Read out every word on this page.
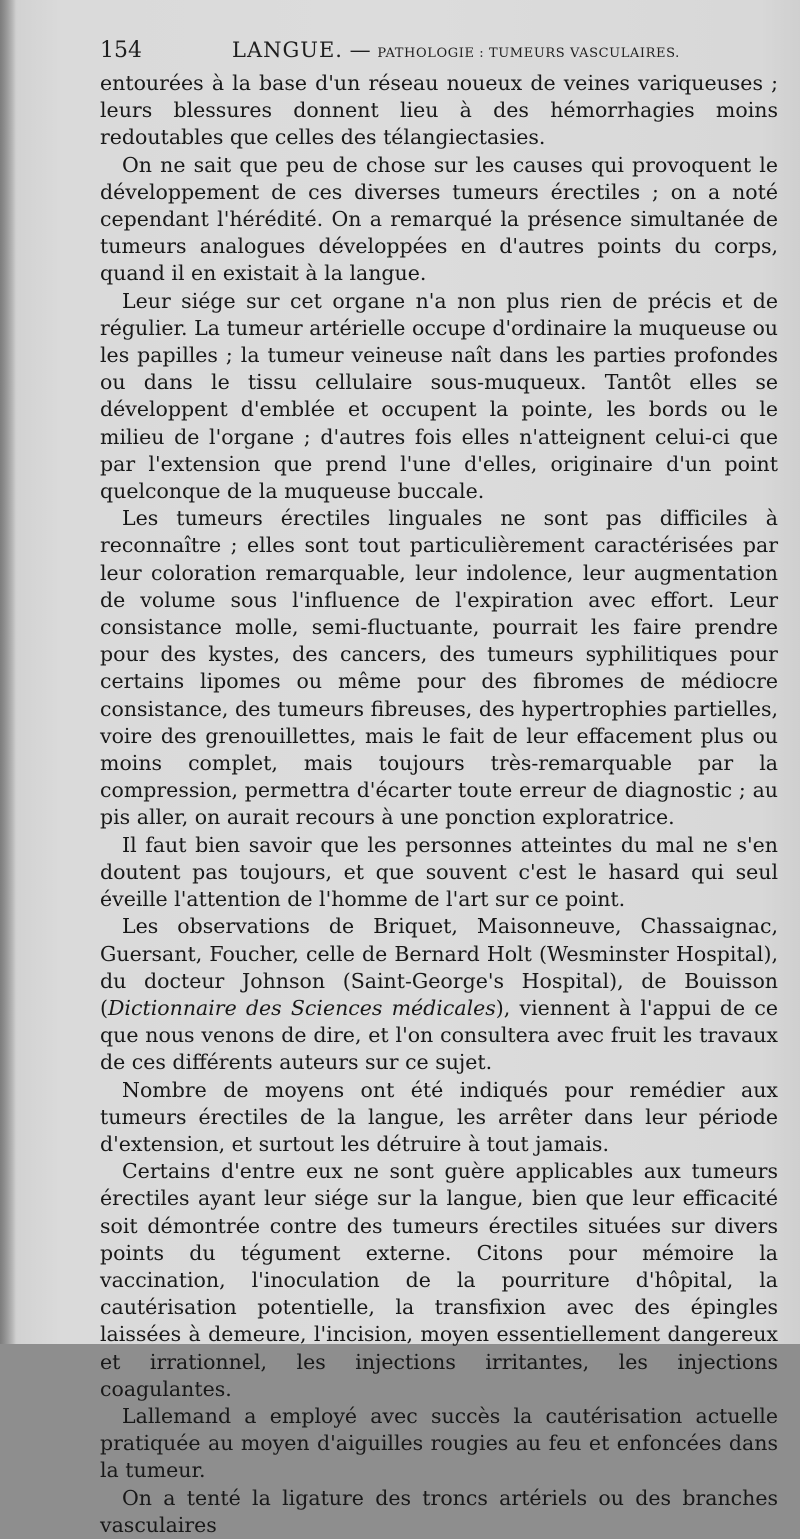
154	LANGUE. — PATHOLOGIE : TUMEURS VASCULAIRES.

entourées à la base d'un réseau noueux de veines variqueuses ; leurs blessures donnent lieu à des hémorrhagies moins redoutables que celles des télangiectasies.

On ne sait que peu de chose sur les causes qui provoquent le développement de ces diverses tumeurs érectiles ; on a noté cependant l'hérédité. On a remarqué la présence simultanée de tumeurs analogues développées en d'autres points du corps, quand il en existait à la langue.

Leur siége sur cet organe n'a non plus rien de précis et de régulier. La tumeur artérielle occupe d'ordinaire la muqueuse ou les papilles ; la tumeur veineuse naît dans les parties profondes ou dans le tissu cellulaire sous-muqueux. Tantôt elles se développent d'emblée et occupent la pointe, les bords ou le milieu de l'organe ; d'autres fois elles n'atteignent celui-ci que par l'extension que prend l'une d'elles, originaire d'un point quelconque de la muqueuse buccale.

Les tumeurs érectiles linguales ne sont pas difficiles à reconnaître ; elles sont tout particulièrement caractérisées par leur coloration remarquable, leur indolence, leur augmentation de volume sous l'influence de l'expiration avec effort. Leur consistance molle, semi-fluctuante, pourrait les faire prendre pour des kystes, des cancers, des tumeurs syphilitiques pour certains lipomes ou même pour des fibromes de médiocre consistance, des tumeurs fibreuses, des hypertrophies partielles, voire des grenouillettes, mais le fait de leur effacement plus ou moins complet, mais toujours très-remarquable par la compression, permettra d'écarter toute erreur de diagnostic ; au pis aller, on aurait recours à une ponction exploratrice.

Il faut bien savoir que les personnes atteintes du mal ne s'en doutent pas toujours, et que souvent c'est le hasard qui seul éveille l'attention de l'homme de l'art sur ce point.

Les observations de Briquet, Maisonneuve, Chassaignac, Guersant, Foucher, celle de Bernard Holt (Wesminster Hospital), du docteur Johnson (Saint-George's Hospital), de Bouisson (Dictionnaire des Sciences médicales), viennent à l'appui de ce que nous venons de dire, et l'on consultera avec fruit les travaux de ces différents auteurs sur ce sujet.

Nombre de moyens ont été indiqués pour remédier aux tumeurs érectiles de la langue, les arrêter dans leur période d'extension, et surtout les détruire à tout jamais.

Certains d'entre eux ne sont guère applicables aux tumeurs érectiles ayant leur siége sur la langue, bien que leur efficacité soit démontrée contre des tumeurs érectiles situées sur divers points du tégument externe. Citons pour mémoire la vaccination, l'inoculation de la pourriture d'hôpital, la cautérisation potentielle, la transfixion avec des épingles laissées à demeure, l'incision, moyen essentiellement dangereux et irrationnel, les injections irritantes, les injections coagulantes.

Lallemand a employé avec succès la cautérisation actuelle pratiquée au moyen d'aiguilles rougies au feu et enfoncées dans la tumeur.

On a tenté la ligature des troncs artériels ou des branches vasculaires
